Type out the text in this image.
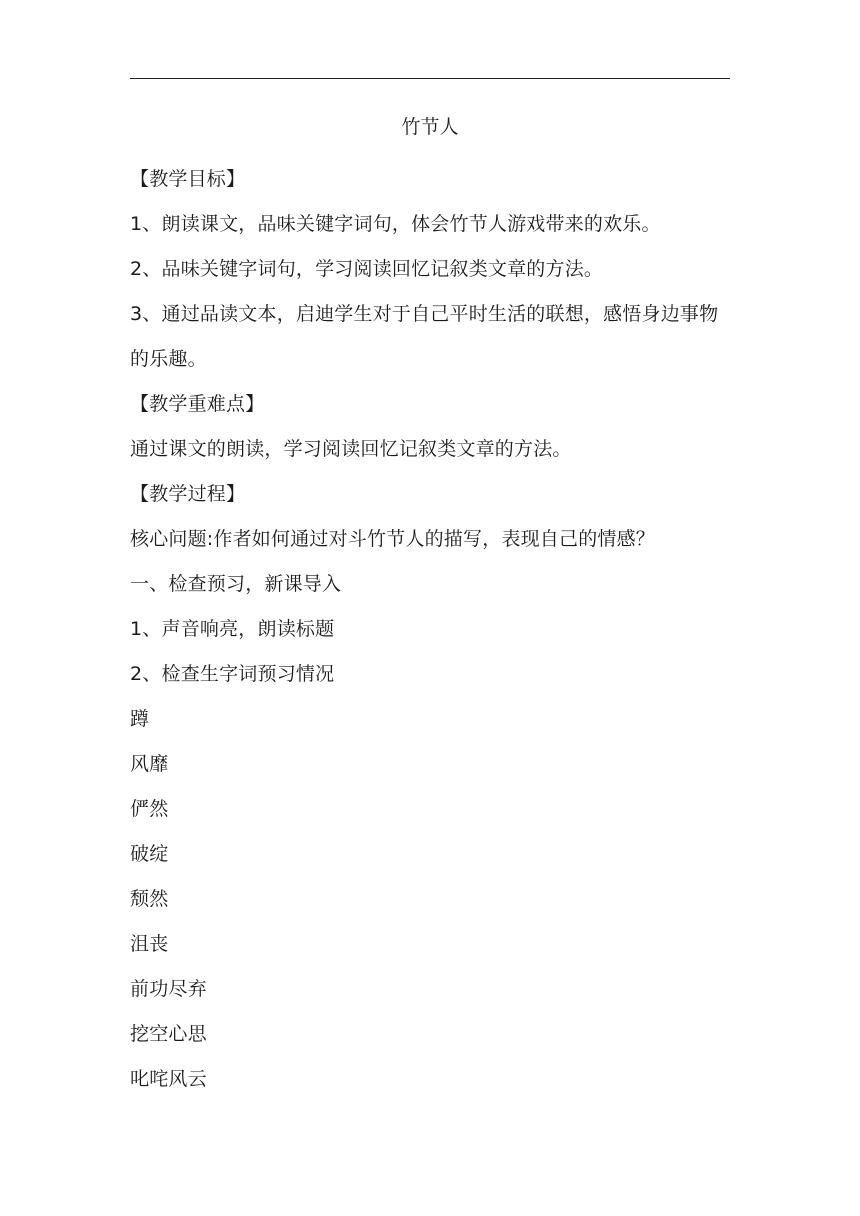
竹节人
【教学目标】
1、朗读课文，品味关键字词句，体会竹节人游戏带来的欢乐。
2、品味关键字词句，学习阅读回忆记叙类文章的方法。
3、通过品读文本，启迪学生对于自己平时生活的联想，感悟身边事物的乐趣。
【教学重难点】
通过课文的朗读，学习阅读回忆记叙类文章的方法。
【教学过程】
核心问题:作者如何通过对斗竹节人的描写，表现自己的情感？
一、检查预习，新课导入
1、声音响亮，朗读标题
2、检查生字词预习情况
蹲
风靡
俨然
破绽
颓然
沮丧
前功尽弃
挖空心思
叱咤风云
